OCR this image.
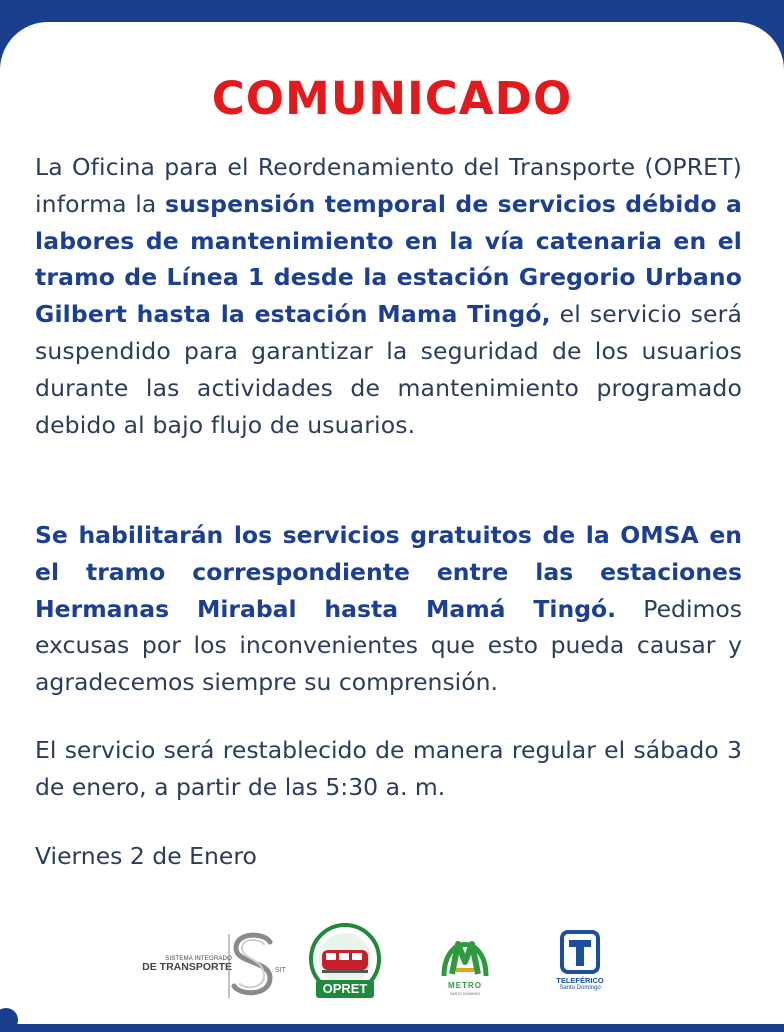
COMUNICADO

La Oficina para el Reordenamiento del Transporte (OPRET) informa la suspensión temporal de servicios débido a labores de mantenimiento en la vía catenaria en el tramo de Línea 1 desde la estación Gregorio Urbano Gilbert hasta la estación Mama Tingó, el servicio será suspendido para garantizar la seguridad de los usuarios durante las actividades de mantenimiento programado debido al bajo flujo de usuarios.

Se habilitarán los servicios gratuitos de la OMSA en el tramo correspondiente entre las estaciones Hermanas Mirabal hasta Mamá Tingó. Pedimos excusas por los inconvenientes que esto pueda causar y agradecemos siempre su comprensión.

El servicio será restablecido de manera regular el sábado 3 de enero, a partir de las 5:30 a. m.

Viernes 2 de Enero

SISTEMA INTEGRADO
DE TRANSPORTE	SIT
OPRET	METRO
SANTO DOMINGO
TELEFÉRICO
Santo Domingo
